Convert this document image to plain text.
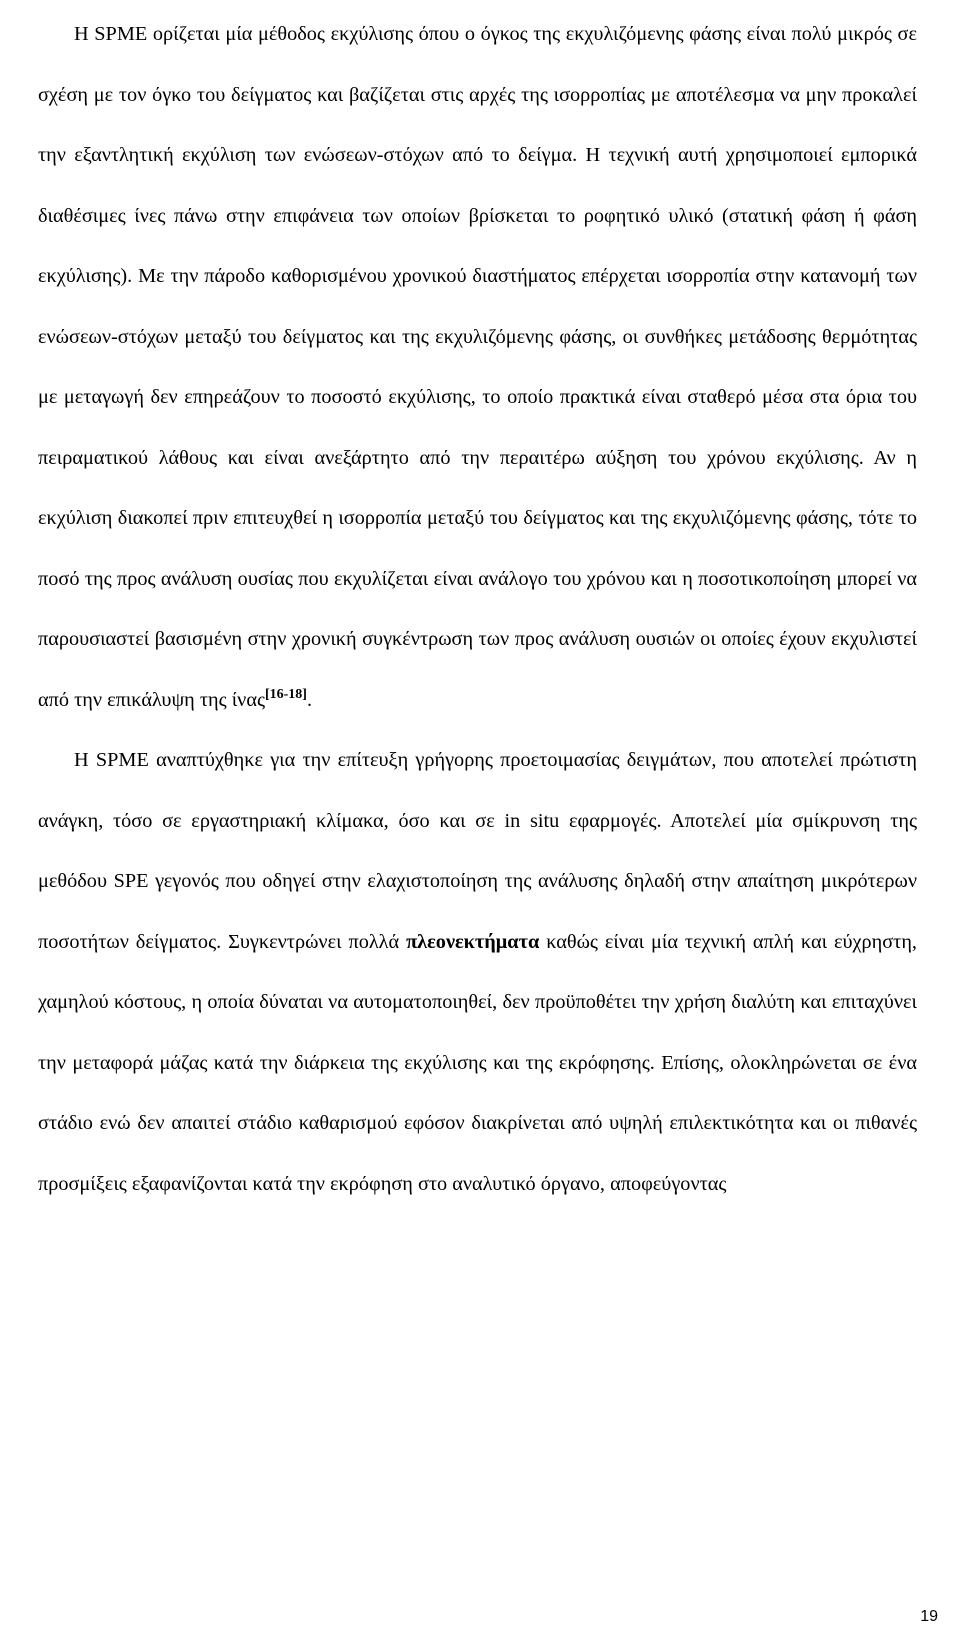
Η SPME ορίζεται μία μέθοδος εκχύλισης όπου ο όγκος της εκχυλιζόμενης φάσης είναι πολύ μικρός σε σχέση με τον όγκο του δείγματος και βαζίζεται στις αρχές της ισορροπίας με αποτέλεσμα να μην προκαλεί την εξαντλητική εκχύλιση των ενώσεων-στόχων από το δείγμα. Η τεχνική αυτή χρησιμοποιεί εμπορικά διαθέσιμες ίνες πάνω στην επιφάνεια των οποίων βρίσκεται το ροφητικό υλικό (στατική φάση ή φάση εκχύλισης). Με την πάροδο καθορισμένου χρονικού διαστήματος επέρχεται ισορροπία στην κατανομή των ενώσεων-στόχων μεταξύ του δείγματος και της εκχυλιζόμενης φάσης, οι συνθήκες μετάδοσης θερμότητας με μεταγωγή δεν επηρεάζουν το ποσοστό εκχύλισης, το οποίο πρακτικά είναι σταθερό μέσα στα όρια του πειραματικού λάθους και είναι ανεξάρτητο από την περαιτέρω αύξηση του χρόνου εκχύλισης. Αν η εκχύλιση διακοπεί πριν επιτευχθεί η ισορροπία μεταξύ του δείγματος και της εκχυλιζόμενης φάσης, τότε το ποσό της προς ανάλυση ουσίας που εκχυλίζεται είναι ανάλογο του χρόνου και η ποσοτικοποίηση μπορεί να παρουσιαστεί βασισμένη στην χρονική συγκέντρωση των προς ανάλυση ουσιών οι οποίες έχουν εκχυλιστεί από την επικάλυψη της ίνας[16-18].

Η SPME αναπτύχθηκε για την επίτευξη γρήγορης προετοιμασίας δειγμάτων, που αποτελεί πρώτιστη ανάγκη, τόσο σε εργαστηριακή κλίμακα, όσο και σε in situ εφαρμογές. Αποτελεί μία σμίκρυνση της μεθόδου SPE γεγονός που οδηγεί στην ελαχιστοποίηση της ανάλυσης δηλαδή στην απαίτηση μικρότερων ποσοτήτων δείγματος. Συγκεντρώνει πολλά πλεονεκτήματα καθώς είναι μία τεχνική απλή και εύχρηστη, χαμηλού κόστους, η οποία δύναται να αυτοματοποιηθεί, δεν προϋποθέτει την χρήση διαλύτη και επιταχύνει την μεταφορά μάζας κατά την διάρκεια της εκχύλισης και της εκρόφησης. Επίσης, ολοκληρώνεται σε ένα στάδιο ενώ δεν απαιτεί στάδιο καθαρισμού εφόσον διακρίνεται από υψηλή επιλεκτικότητα και οι πιθανές προσμίξεις εξαφανίζονται κατά την εκρόφηση στο αναλυτικό όργανο, αποφεύγοντας

19
